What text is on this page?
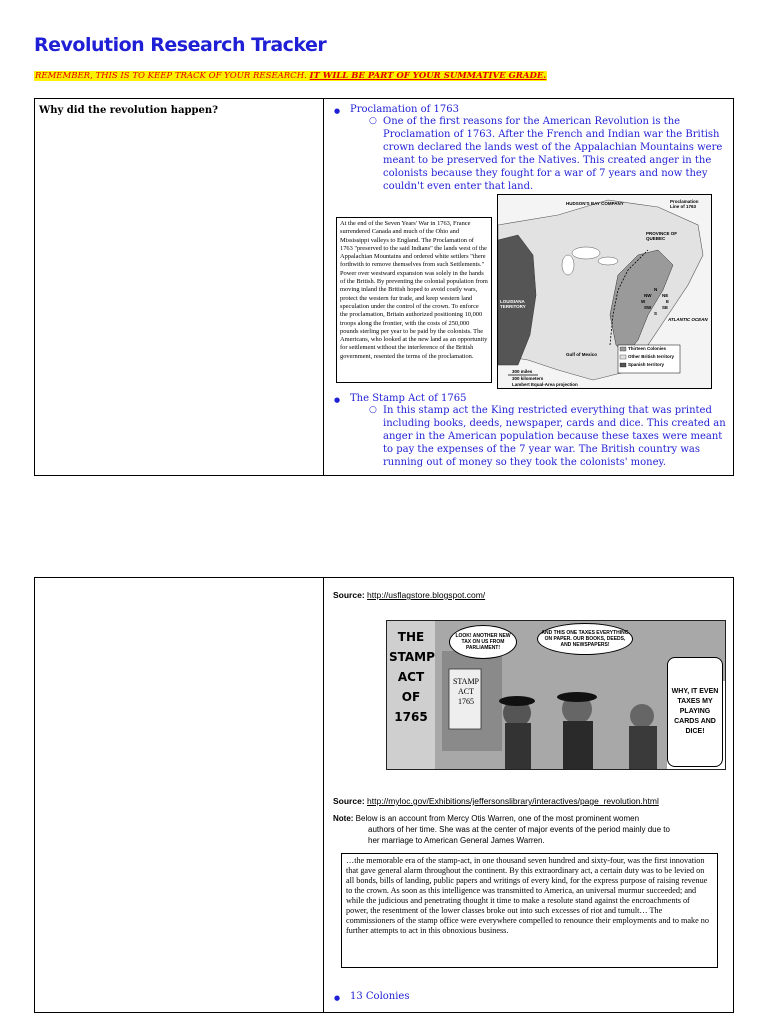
Revolution Research Tracker
REMEMBER, THIS IS TO KEEP TRACK OF YOUR RESEARCH. IT WILL BE PART OF YOUR SUMMATIVE GRADE.
Why did the revolution happen?

●Proclamation of 1763
○ One of the first reasons for the American Revolution is the Proclamation of 1763. After the French and Indian war the British crown declared the lands west of the Appalachian Mountains were meant to be preserved for the Natives. This created anger in the colonists because they fought for a war of 7 years and now they couldn't even enter that land.
At the end of the Seven Years' War in 1763, France surrendered Canada and much of the Ohio and Mississippi valleys to England. The Proclamation of 1763 "preserved to the said Indians" the lands west of the Appalachian Mountains and ordered white settlers "there forthwith to remove themselves from such Settlements." Power over westward expansion was solely in the hands of the British. By preventing the colonial population from moving inland the British hoped to avoid costly wars, protect the western fur trade, and keep western land speculation under the control of the crown. To enforce the proclamation, Britain authorized positioning 10,000 troops along the frontier, with the costs of 250,000 pounds sterling per year to be paid by the colonists. The Americans, who looked at the new land as an opportunity for settlement without the interference of the British government, resented the terms of the proclamation.
HUDSON'S BAY COMPANY	Proclamation Line of 1763
PROVINCE OF QUEBEC
LOUISIANA TERRITORY
ATLANTIC OCEAN
Gulf of Mexico
300 miles
300 kilometers
Lambert Equal-Area projection
Thirteen Colonies
Other British territory
Spanish territory
N
NW NE
W	E
SW SE
S
● The Stamp Act of 1765
○ In this stamp act the King restricted everything that was printed including books, deeds, newspaper, cards and dice. This created an anger in the American population because these taxes were meant to pay the expenses of the 7 year war. The British country was running out of money so they took the colonists' money.

Source: http://usflagstore.blogspot.com/
THE STAMP ACT OF 1765
STAMP ACT 1765
LOOK! ANOTHER NEW TAX ON US FROM PARLIAMENT!
AND THIS ONE TAXES EVERYTHING ON PAPER. OUR BOOKS, DEEDS, AND NEWSPAPERS!
WHY, IT EVEN TAXES MY PLAYING CARDS AND DICE!
Source: http://myloc.gov/Exhibitions/jeffersonslibrary/interactives/page_revolution.html
Note: Below is an account from Mercy Otis Warren, one of the most prominent women
authors of her time. She was at the center of major events of the period mainly due to
her marriage to American General James Warren.
…the memorable era of the stamp-act, in one thousand seven hundred and sixty-four, was the first innovation that gave general alarm throughout the continent. By this extraordinary act, a certain duty was to be levied on all bonds, bills of landing, public papers and writings of every kind, for the express purpose of raising revenue to the crown. As soon as this intelligence was transmitted to America, an universal murmur succeeded; and while the judicious and penetrating thought it time to make a resolute stand against the encroachments of power, the resentment of the lower classes broke out into such excesses of riot and tumult… The commissioners of the stamp office were everywhere compelled to renounce their employments and to make no further attempts to act in this obnoxious business.
● 13 Colonies
